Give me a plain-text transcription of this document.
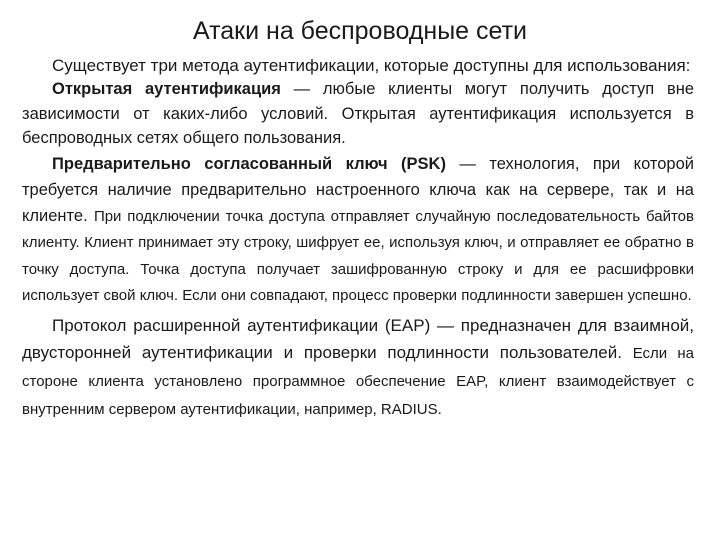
Атаки на беспроводные сети

Существует три метода аутентификации, которые доступны для использования:

Открытая аутентификация — любые клиенты могут получить доступ вне зависимости от каких-либо условий. Открытая аутентификация используется в беспроводных сетях общего пользования.

Предварительно согласованный ключ (PSK) — технология, при которой требуется наличие предварительно настроенного ключа как на сервере, так и на клиенте. При подключении точка доступа отправляет случайную последовательность байтов клиенту. Клиент принимает эту строку, шифрует ее, используя ключ, и отправляет ее обратно в точку доступа. Точка доступа получает зашифрованную строку и для ее расшифровки использует свой ключ. Если они совпадают, процесс проверки подлинности завершен успешно.

Протокол расширенной аутентификации (EAP) — предназначен для взаимной, двусторонней аутентификации и проверки подлинности пользователей. Если на стороне клиента установлено программное обеспечение EAP, клиент взаимодействует с внутренним сервером аутентификации, например, RADIUS.
